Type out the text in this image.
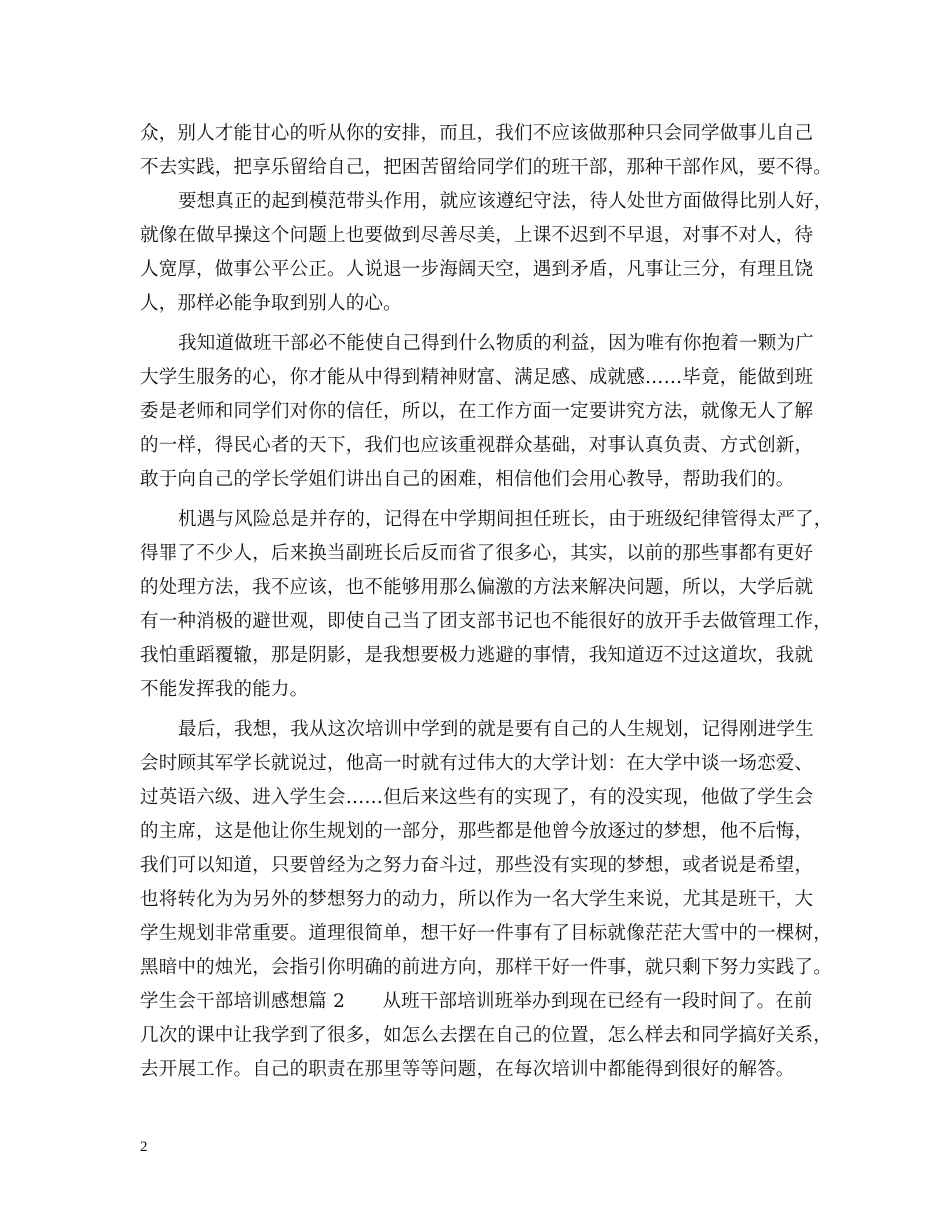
众，别人才能甘心的听从你的安排，而且，我们不应该做那种只会同学做事儿自己
不去实践，把享乐留给自己，把困苦留给同学们的班干部，那种干部作风，要不得。
要想真正的起到模范带头作用，就应该遵纪守法，待人处世方面做得比别人好，
就像在做早操这个问题上也要做到尽善尽美，上课不迟到不早退，对事不对人，待
人宽厚，做事公平公正。人说退一步海阔天空，遇到矛盾，凡事让三分，有理且饶
人，那样必能争取到别人的心。
我知道做班干部必不能使自己得到什么物质的利益，因为唯有你抱着一颗为广
大学生服务的心，你才能从中得到精神财富、满足感、成就感……毕竟，能做到班
委是老师和同学们对你的信任，所以，在工作方面一定要讲究方法，就像无人了解
的一样，得民心者的天下，我们也应该重视群众基础，对事认真负责、方式创新，
敢于向自己的学长学姐们讲出自己的困难，相信他们会用心教导，帮助我们的。
机遇与风险总是并存的，记得在中学期间担任班长，由于班级纪律管得太严了，
得罪了不少人，后来换当副班长后反而省了很多心，其实，以前的那些事都有更好
的处理方法，我不应该，也不能够用那么偏激的方法来解决问题，所以，大学后就
有一种消极的避世观，即使自己当了团支部书记也不能很好的放开手去做管理工作，
我怕重蹈覆辙，那是阴影，是我想要极力逃避的事情，我知道迈不过这道坎，我就
不能发挥我的能力。
最后，我想，我从这次培训中学到的就是要有自己的人生规划，记得刚进学生
会时顾其军学长就说过，他高一时就有过伟大的大学计划：在大学中谈一场恋爱、
过英语六级、进入学生会……但后来这些有的实现了，有的没实现，他做了学生会
的主席，这是他让你生规划的一部分，那些都是他曾今放逐过的梦想，他不后悔，
我们可以知道，只要曾经为之努力奋斗过，那些没有实现的梦想，或者说是希望，
也将转化为为另外的梦想努力的动力，所以作为一名大学生来说，尤其是班干，大
学生规划非常重要。道理很简单，想干好一件事有了目标就像茫茫大雪中的一棵树，
黑暗中的烛光，会指引你明确的前进方向，那样干好一件事，就只剩下努力实践了。
学生会干部培训感想篇 2　　从班干部培训班举办到现在已经有一段时间了。在前
几次的课中让我学到了很多，如怎么去摆在自己的位置，怎么样去和同学搞好关系，
去开展工作。自己的职责在那里等等问题，在每次培训中都能得到很好的解答。
2
